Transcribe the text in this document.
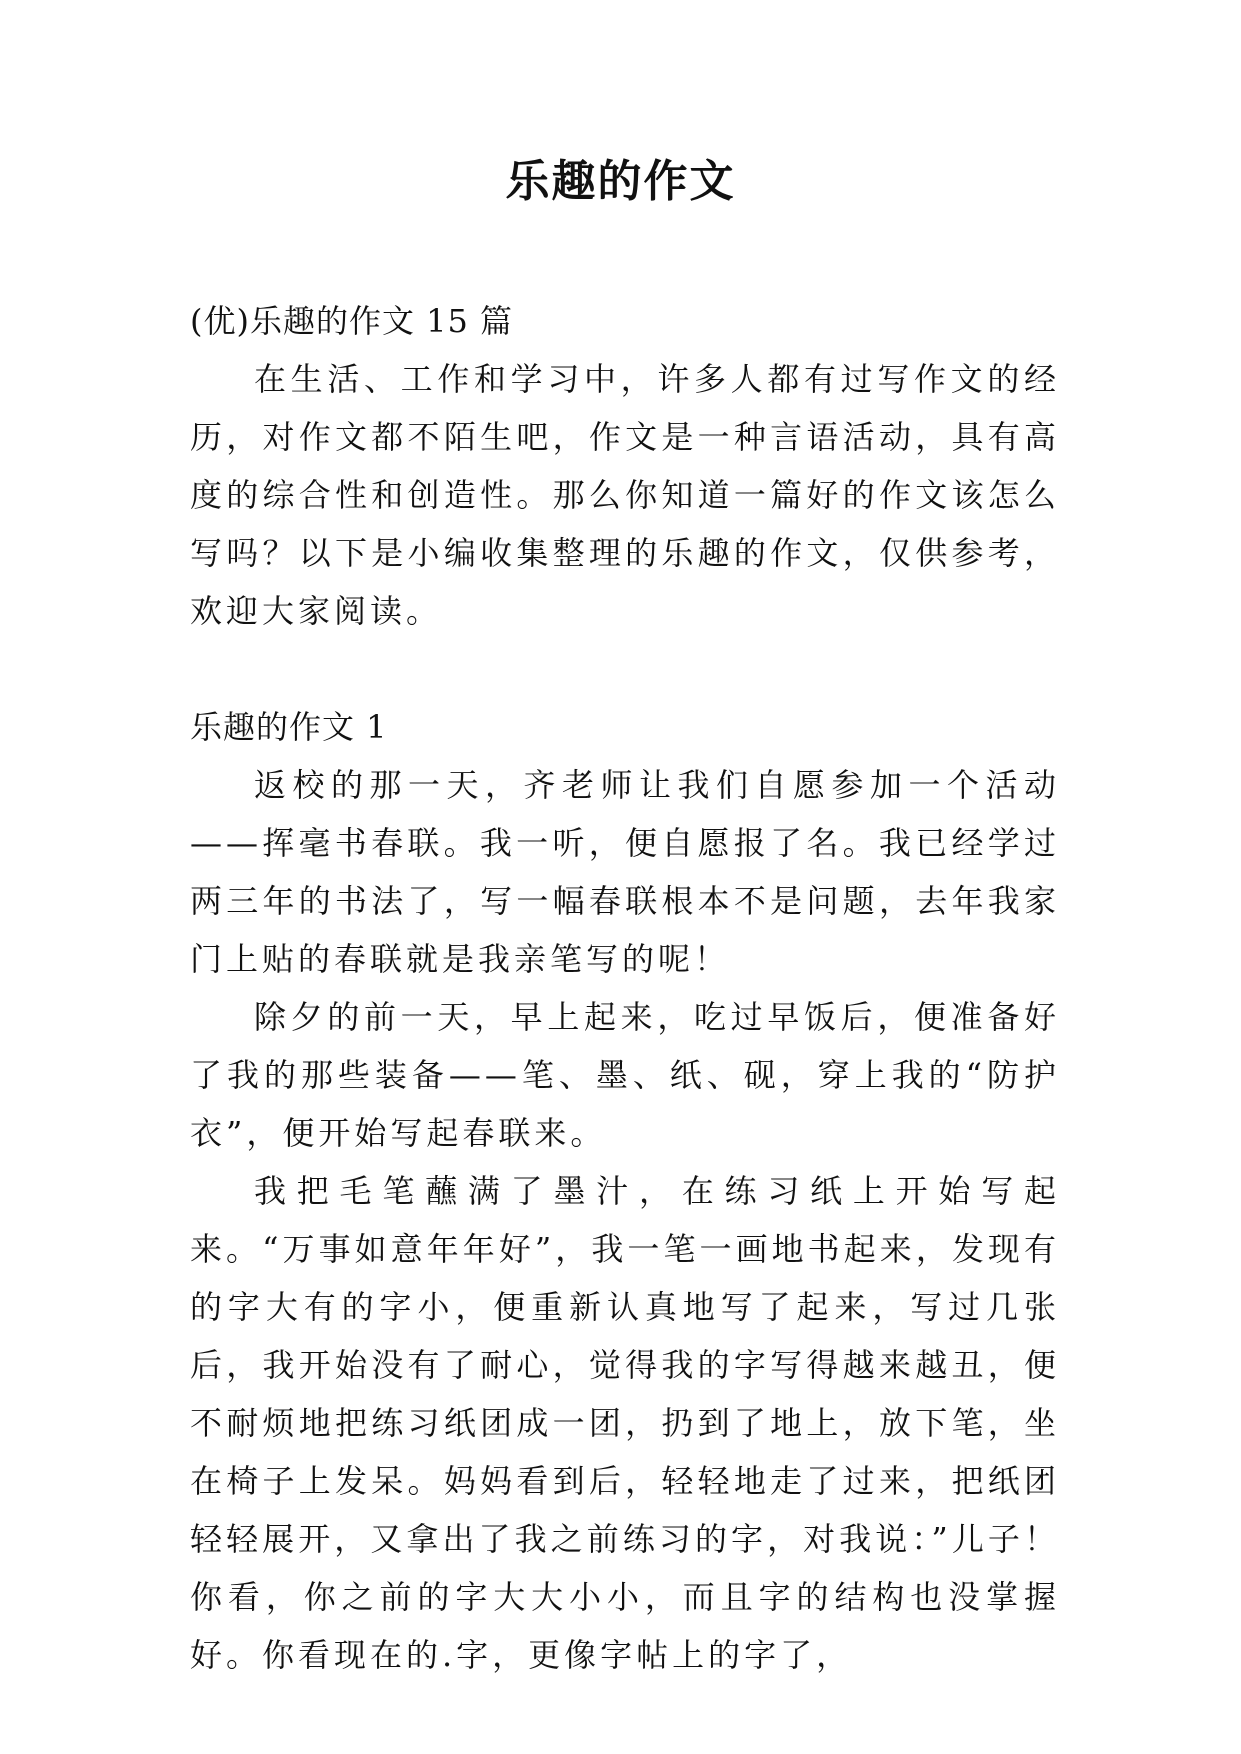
乐趣的作文

(优)乐趣的作文 15 篇

在生活、工作和学习中，许多人都有过写作文的经历，对作文都不陌生吧，作文是一种言语活动，具有高度的综合性和创造性。那么你知道一篇好的作文该怎么写吗？以下是小编收集整理的乐趣的作文，仅供参考，欢迎大家阅读。

乐趣的作文 1

返校的那一天，齐老师让我们自愿参加一个活动——挥毫书春联。我一听，便自愿报了名。我已经学过两三年的书法了，写一幅春联根本不是问题，去年我家门上贴的春联就是我亲笔写的呢！

除夕的前一天，早上起来，吃过早饭后，便准备好了我的那些装备——笔、墨、纸、砚，穿上我的“防护衣”，便开始写起春联来。

我把毛笔蘸满了墨汁，在练习纸上开始写起来。“万事如意年年好”，我一笔一画地书起来，发现有的字大有的字小，便重新认真地写了起来，写过几张后，我开始没有了耐心，觉得我的字写得越来越丑，便不耐烦地把练习纸团成一团，扔到了地上，放下笔，坐在椅子上发呆。妈妈看到后，轻轻地走了过来，把纸团轻轻展开，又拿出了我之前练习的字，对我说：”儿子！你看，你之前的字大大小小，而且字的结构也没掌握好。你看现在的.字，更像字帖上的字了，
